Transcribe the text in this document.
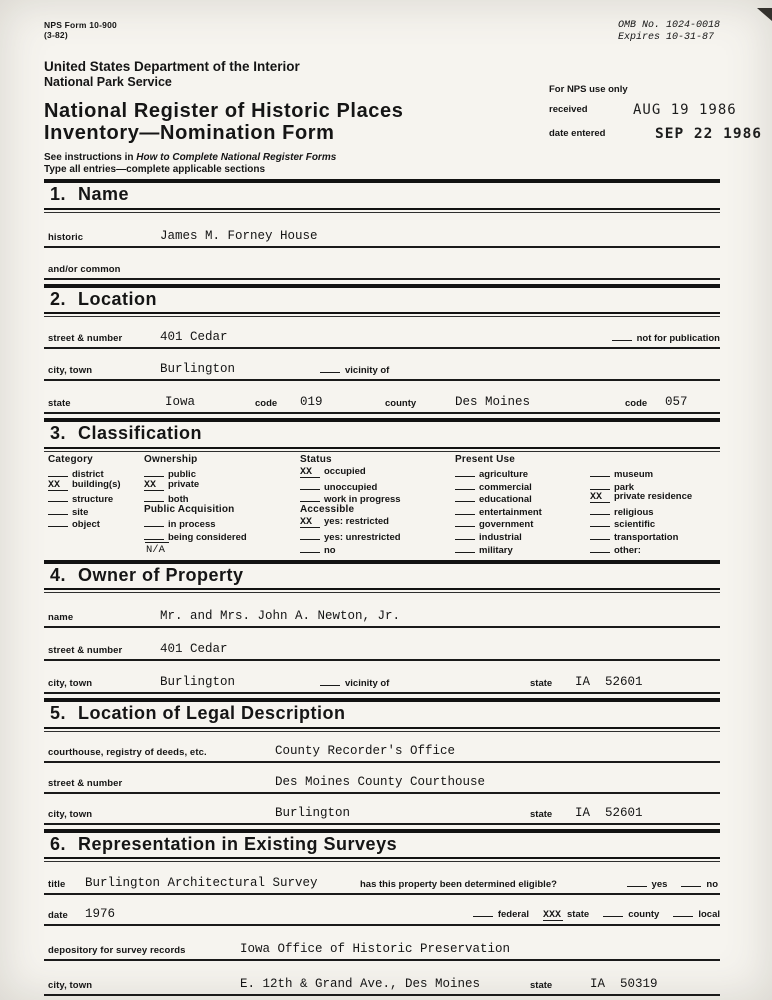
NPS Form 10-900
(3-82)
OMB No. 1024-0018
Expires 10-31-87
United States Department of the Interior
National Park Service
National Register of Historic Places
Inventory—Nomination Form
See instructions in How to Complete National Register Forms
Type all entries—complete applicable sections
For NPS use only
received	AUG 19 1986
date entered	SEP 22 1986
1. Name
historic	James M. Forney House
and/or common
2. Location
street & number	401 Cedar	not for publication
city, town	Burlington	vicinity of
state	Iowa	code 019	county	Des Moines	code 057
3. Classification
Category
district
XX building(s)
structure
site
object
Ownership
public
XX private
both
Public Acquisition
in process
being considered
N/A
Status
XX occupied
unoccupied
work in progress
Accessible
XX yes: restricted
yes: unrestricted
no
Present Use
agriculture
commercial
educational
entertainment
government
industrial
military
museum
park
XX private residence
religious
scientific
transportation
other:
4. Owner of Property
name	Mr. and Mrs. John A. Newton, Jr.
street & number	401 Cedar
city, town	Burlington	vicinity of	state IA  52601
5. Location of Legal Description
courthouse, registry of deeds, etc.	County Recorder's Office
street & number	Des Moines County Courthouse
city, town	Burlington	state IA  52601
6. Representation in Existing Surveys
title Burlington Architectural Survey	has this property been determined eligible?	yes	no
date 1976	federal XXX state	county	local
depository for survey records	Iowa Office of Historic Preservation
city, town	E. 12th & Grand Ave., Des Moines	state	IA  50319
